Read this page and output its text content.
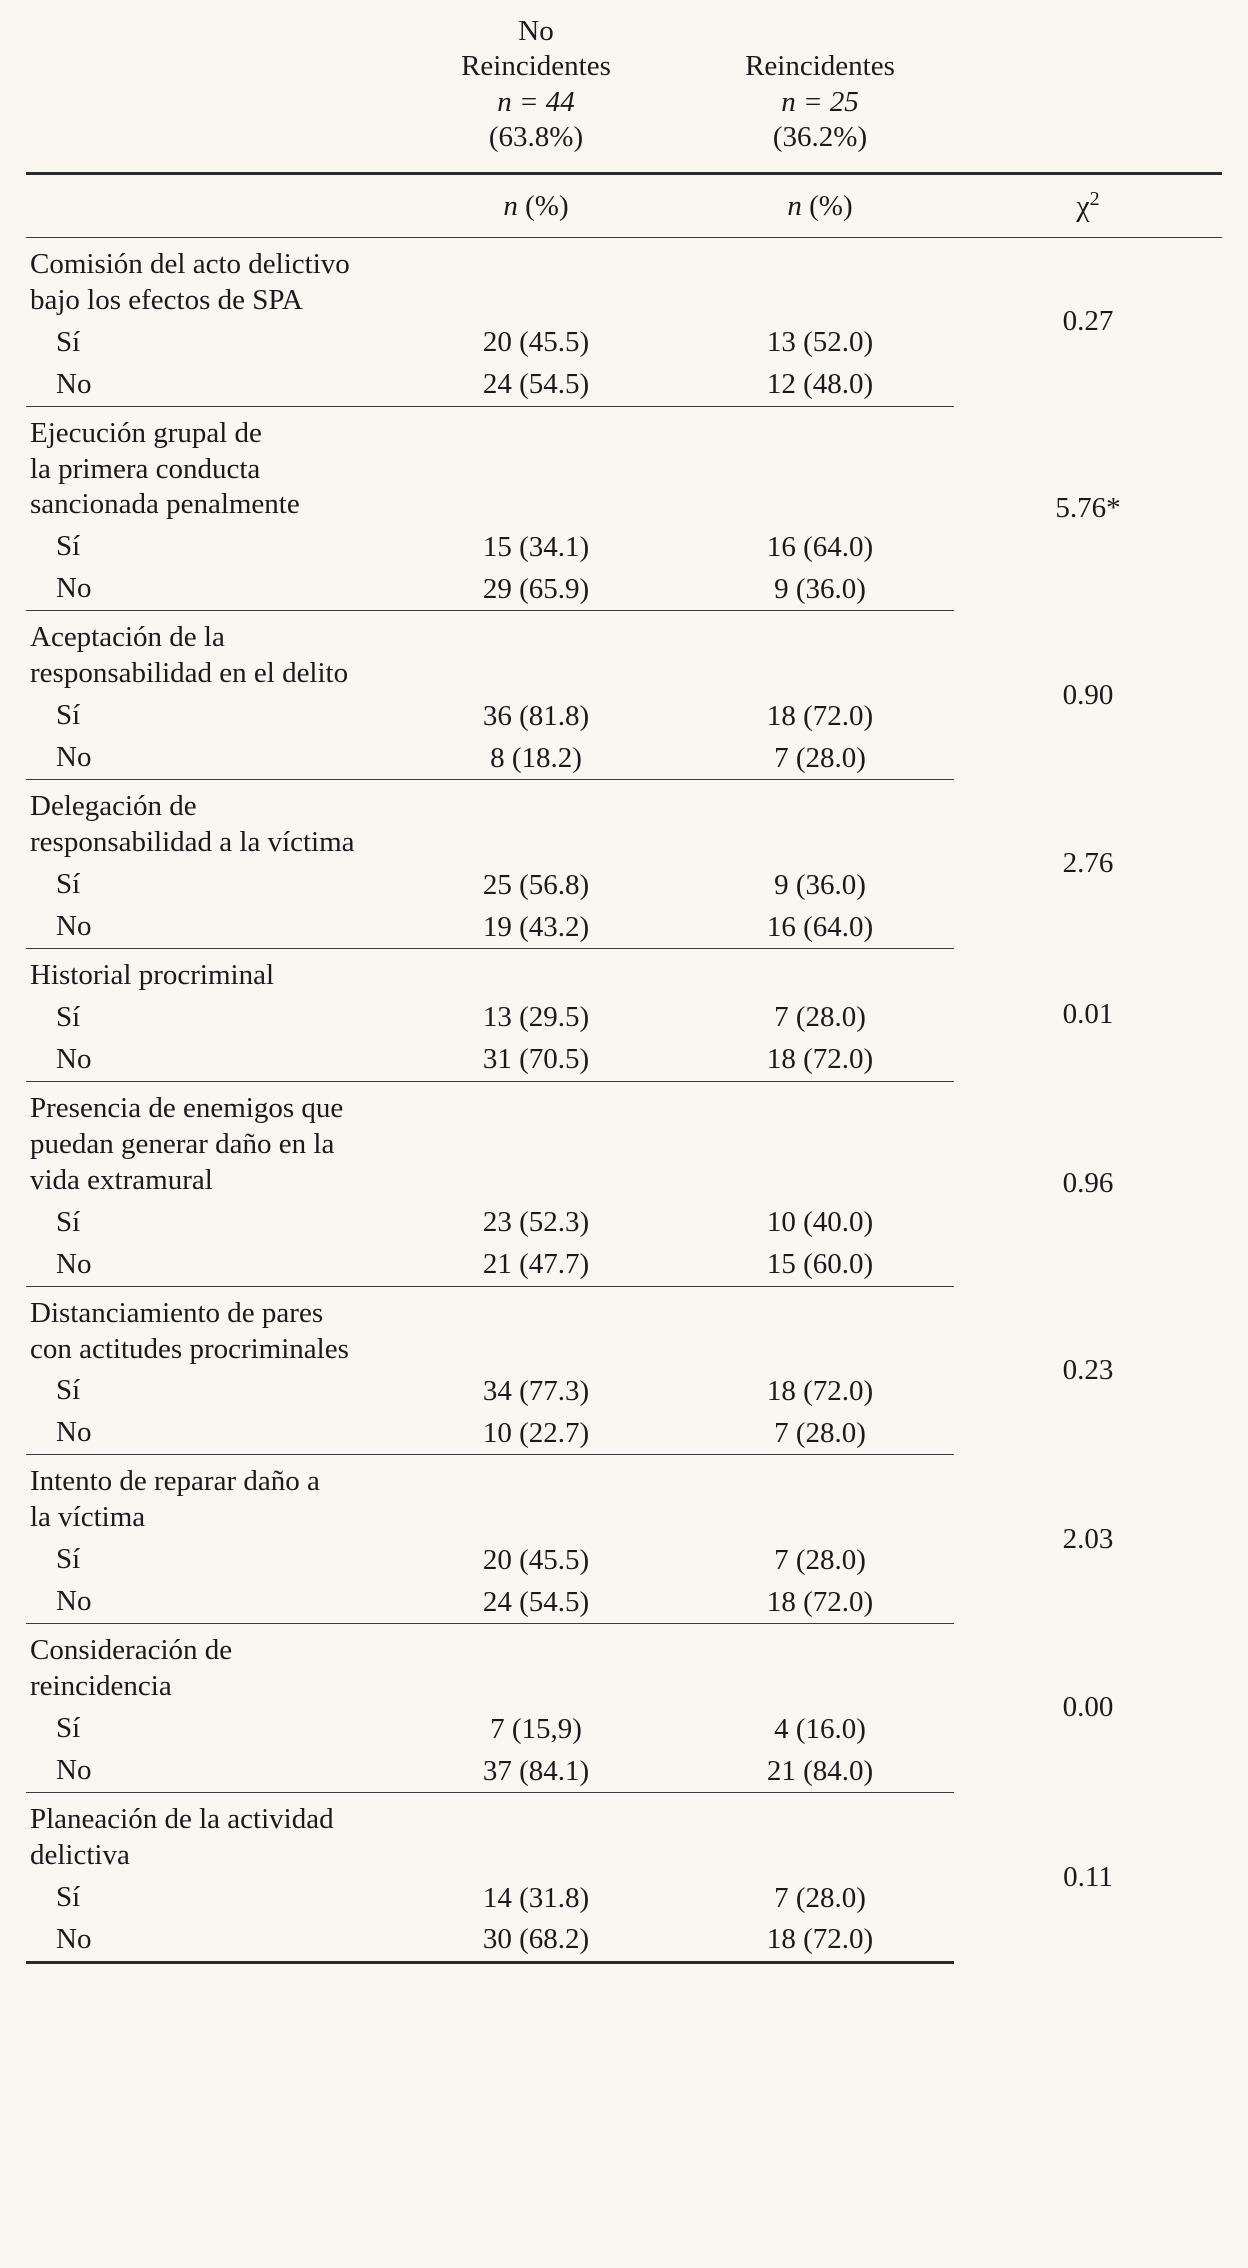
	No
Reincidentes
n = 44
(63.8%)	Reincidentes
n = 25
(36.2%)	

	n (%)	n (%)	$\chi^2$

Comisión del acto delictivo
bajo los efectos de SPA			0.27
Sí	20 (45.5)	13 (52.0)	
No	24 (54.5)	12 (48.0)	

Ejecución grupal de
la primera conducta
sancionada penalmente			5.76*
Sí	15 (34.1)	16 (64.0)	
No	29 (65.9)	9 (36.0)	

Aceptación de la
responsabilidad en el delito			0.90
Sí	36 (81.8)	18 (72.0)	
No	8 (18.2)	7 (28.0)	

Delegación de
responsabilidad a la víctima			2.76
Sí	25 (56.8)	9 (36.0)	
No	19 (43.2)	16 (64.0)	

Historial procriminal			0.01
Sí	13 (29.5)	7 (28.0)	
No	31 (70.5)	18 (72.0)	

Presencia de enemigos que
puedan generar daño en la
vida extramural			0.96
Sí	23 (52.3)	10 (40.0)	
No	21 (47.7)	15 (60.0)	

Distanciamiento de pares
con actitudes procriminales			0.23
Sí	34 (77.3)	18 (72.0)	
No	10 (22.7)	7 (28.0)	

Intento de reparar daño a
la víctima			2.03
Sí	20 (45.5)	7 (28.0)	
No	24 (54.5)	18 (72.0)	

Consideración de
reincidencia			0.00
Sí	7 (15,9)	4 (16.0)	
No	37 (84.1)	21 (84.0)	

Planeación de la actividad
delictiva			0.11
Sí	14 (31.8)	7 (28.0)	
No	30 (68.2)	18 (72.0)	
